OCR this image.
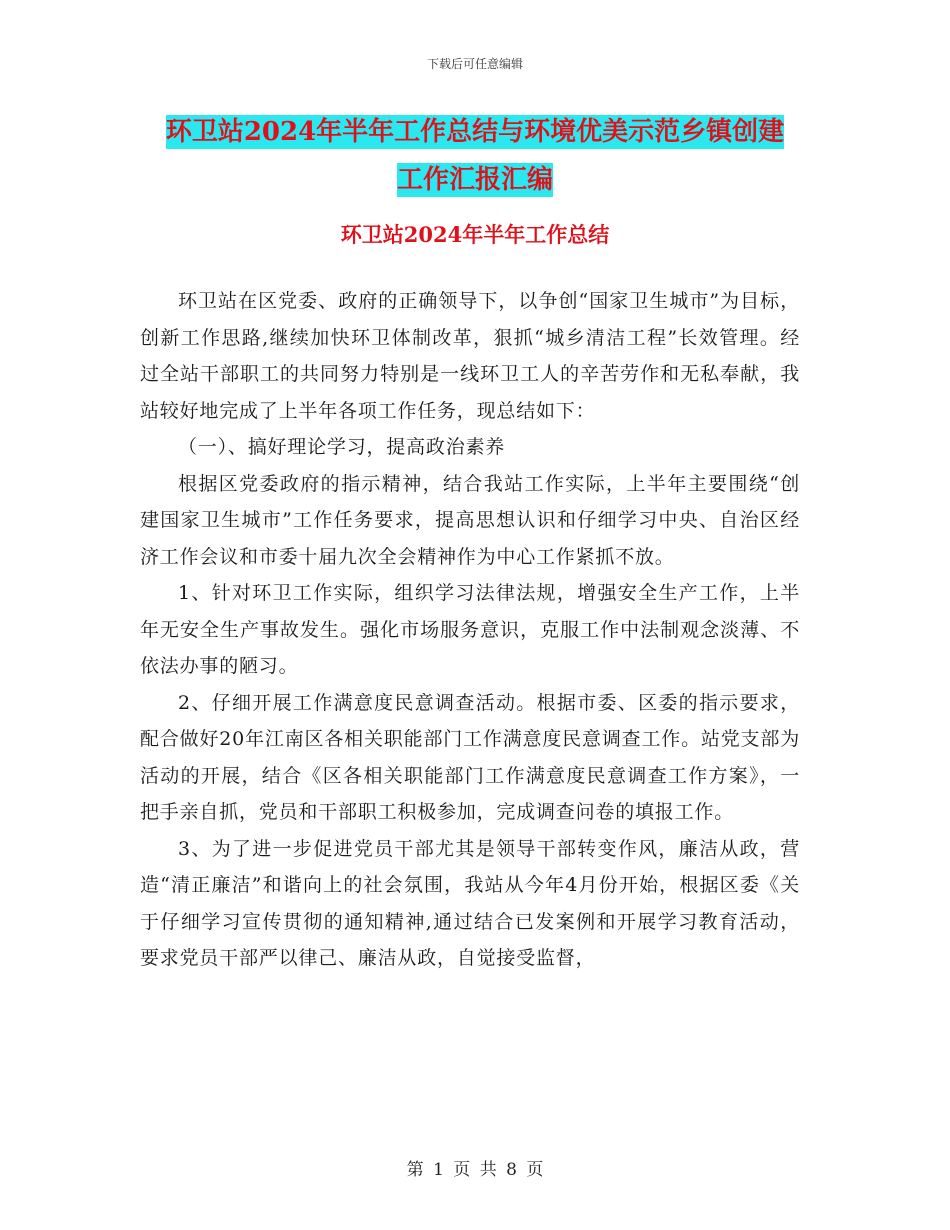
下载后可任意编辑
环卫站2024年半年工作总结与环境优美示范乡镇创建
工作汇报汇编
环卫站2024年半年工作总结

环卫站在区党委、政府的正确领导下，以争创“国家卫生城市”为目标，创新工作思路,继续加快环卫体制改革，狠抓“城乡清洁工程”长效管理。经过全站干部职工的共同努力特别是一线环卫工人的辛苦劳作和无私奉献，我站较好地完成了上半年各项工作任务，现总结如下：

（一）、搞好理论学习，提高政治素养

根据区党委政府的指示精神，结合我站工作实际，上半年主要围绕“创建国家卫生城市”工作任务要求，提高思想认识和仔细学习中央、自治区经济工作会议和市委十届九次全会精神作为中心工作紧抓不放。

1、针对环卫工作实际，组织学习法律法规，增强安全生产工作，上半年无安全生产事故发生。强化市场服务意识，克服工作中法制观念淡薄、不依法办事的陋习。

2、仔细开展工作满意度民意调查活动。根据市委、区委的指示要求，配合做好20年江南区各相关职能部门工作满意度民意调查工作。站党支部为活动的开展，结合《区各相关职能部门工作满意度民意调查工作方案》，一把手亲自抓，党员和干部职工积极参加，完成调查问卷的填报工作。

3、为了进一步促进党员干部尤其是领导干部转变作风，廉洁从政，营造“清正廉洁”和谐向上的社会氛围，我站从今年4月份开始，根据区委《关于仔细学习宣传贯彻的通知精神,通过结合已发案例和开展学习教育活动，要求党员干部严以律己、廉洁从政，自觉接受监督，

第 1 页 共 8 页
